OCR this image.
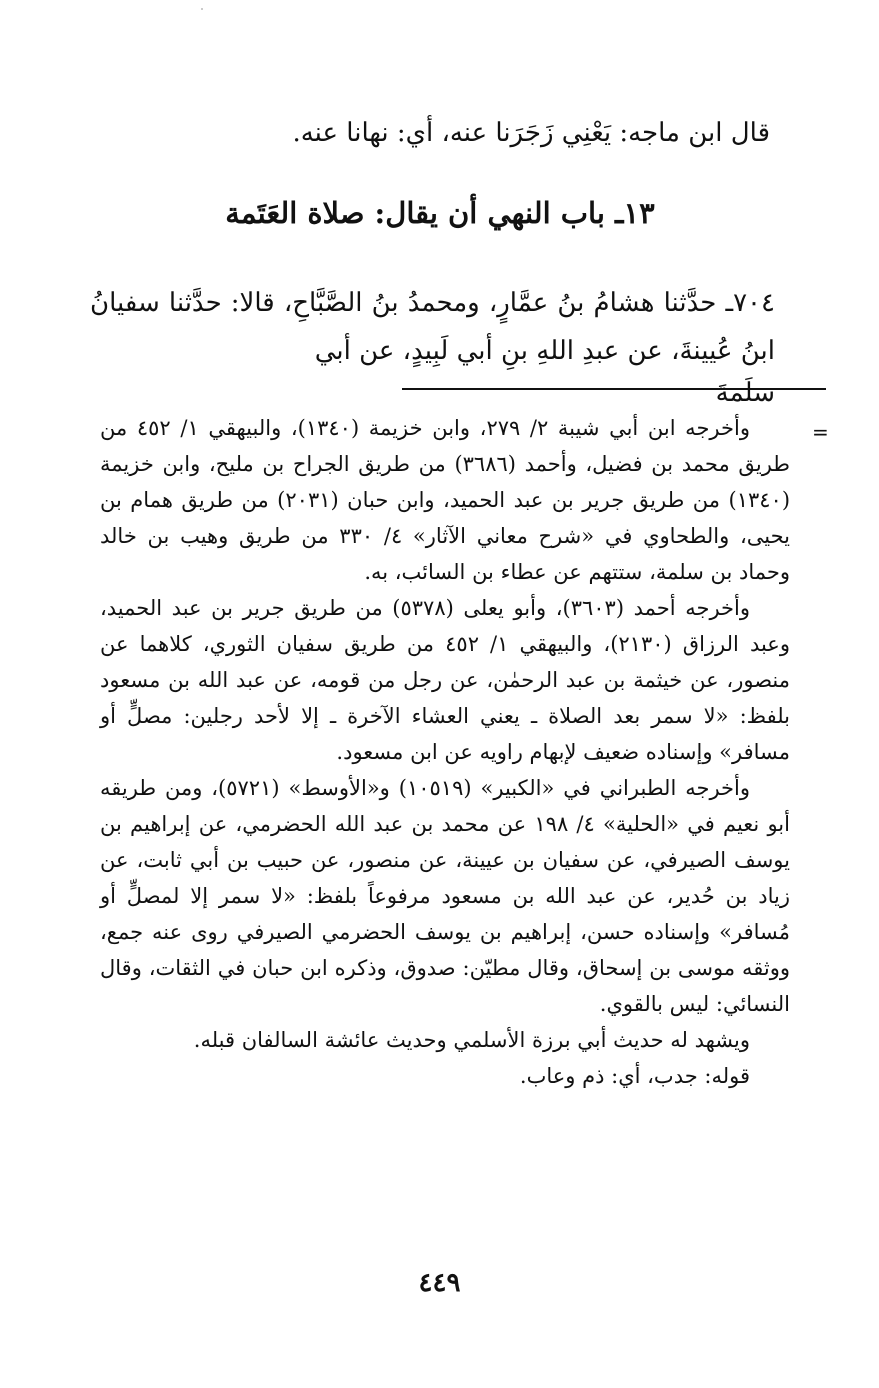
قال ابن ماجه: يَعْنِي زَجَرَنا عنه، أي: نهانا عنه.
١٣ـ باب النهي أن يقال: صلاة العَتَمة
٧٠٤ـ حدَّثنا هشامُ بنُ عمَّارٍ، ومحمدُ بنُ الصَّبَّاحِ، قالا: حدَّثنا سفيانُ
ابنُ عُيينةَ، عن عبدِ اللهِ بنِ أبي لَبِيدٍ، عن أبي سلَمةَ
=

وأخرجه ابن أبي شيبة ٢/ ٢٧٩، وابن خزيمة (١٣٤٠)، والبيهقي ١/ ٤٥٢ من طريق محمد بن فضيل، وأحمد (٣٦٨٦) من طريق الجراح بن مليح، وابن خزيمة (١٣٤٠) من طريق جرير بن عبد الحميد، وابن حبان (٢٠٣١) من طريق همام بن يحيى، والطحاوي في «شرح معاني الآثار» ٤/ ٣٣٠ من طريق وهيب بن خالد وحماد بن سلمة، ستتهم عن عطاء بن السائب، به.

وأخرجه أحمد (٣٦٠٣)، وأبو يعلى (٥٣٧٨) من طريق جرير بن عبد الحميد، وعبد الرزاق (٢١٣٠)، والبيهقي ١/ ٤٥٢ من طريق سفيان الثوري، كلاهما عن منصور، عن خيثمة بن عبد الرحمٰن، عن رجل من قومه، عن عبد الله بن مسعود بلفظ: «لا سمر بعد الصلاة ـ يعني العشاء الآخرة ـ إلا لأحد رجلين: مصلٍّ أو مسافر» وإسناده ضعيف لإبهام راويه عن ابن مسعود.

وأخرجه الطبراني في «الكبير» (١٠٥١٩) و«الأوسط» (٥٧٢١)، ومن طريقه أبو نعيم في «الحلية» ٤/ ١٩٨ عن محمد بن عبد الله الحضرمي، عن إبراهيم بن يوسف الصيرفي، عن سفيان بن عيينة، عن منصور، عن حبيب بن أبي ثابت، عن زياد بن حُدير، عن عبد الله بن مسعود مرفوعاً بلفظ: «لا سمر إلا لمصلٍّ أو مُسافر» وإسناده حسن، إبراهيم بن يوسف الحضرمي الصيرفي روى عنه جمع، ووثقه موسى بن إسحاق، وقال مطيّن: صدوق، وذكره ابن حبان في الثقات، وقال النسائي: ليس بالقوي.

ويشهد له حديث أبي برزة الأسلمي وحديث عائشة السالفان قبله.

قوله: جدب، أي: ذم وعاب.

٤٤٩
